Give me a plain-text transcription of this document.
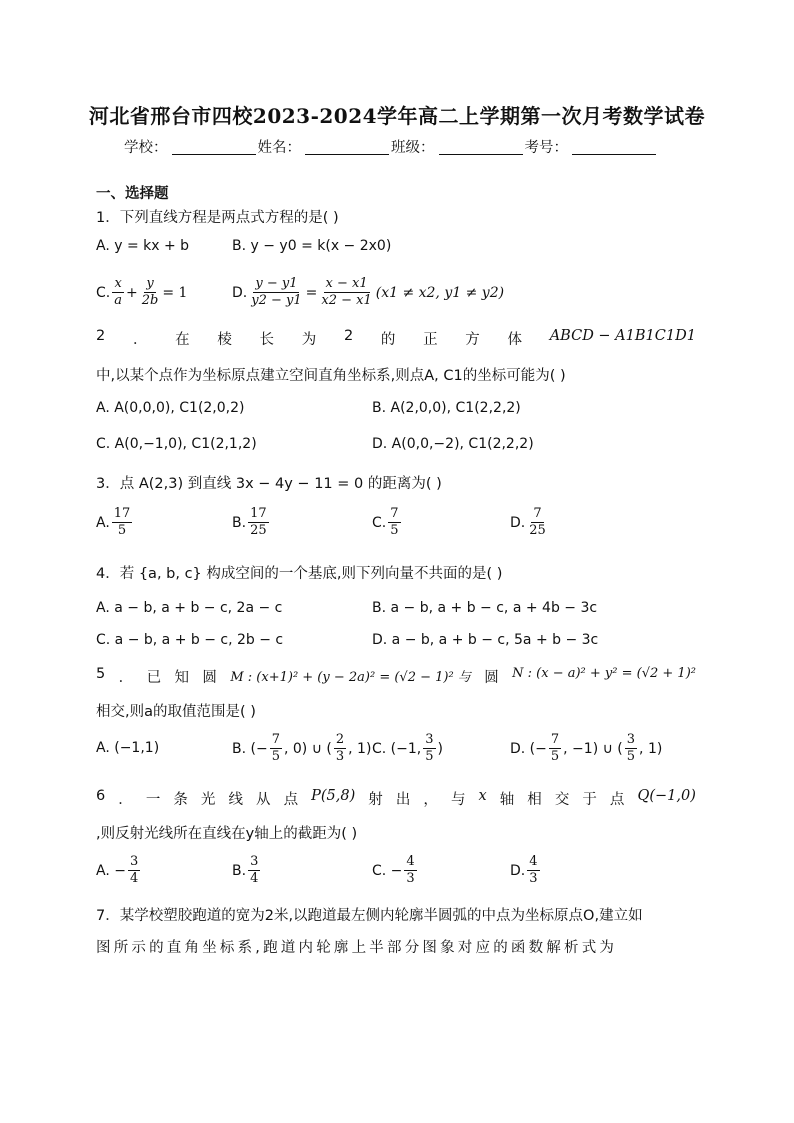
河北省邢台市四校2023-2024学年高二上学期第一次月考数学试卷
学校：	姓名：	班级：	考号：
一、选择题
1．下列直线方程是两点式方程的是( )
A. y = kx + b	B. y − y0 = k(x − 2x0)
C. $\frac{x}{a} + \frac{y}{2b} = 1$	D. $\frac{y - y1}{y2 - y1} = \frac{x - x1}{x2 - x1} (x1 \ne x2$, y1 ≠ y2)
2 ． 在 棱 长 为 2 的 正 方 体 ABCD − A1B1C1D1
中,以某个点作为坐标原点建立空间直角坐标系,则点A, C1的坐标可能为( )
A. A(0,0,0), C1(2,0,2)	B. A(2,0,0), C1(2,2,2)
C. A(0,−1,0), C1(2,1,2)	D. A(0,0,−2), C1(2,2,2)
3．点 A(2,3) 到直线 3x − 4y − 11 = 0 的距离为( )
A. $\frac{17}{5}$	B. $\frac{17}{25}$	C. $\frac{7}{5}$	D. $\frac{7}{25}$
4．若 {a, b, c} 构成空间的一个基底,则下列向量不共面的是( )
A. a − b, a + b − c, 2a − c	B. a − b, a + b − c, a + 4b − 3c
C. a − b, a + b − c, 2b − c	D. a − b, a + b − c, 5a + b − 3c
5 ． 已 知 圆 M : (x+1)² + (y − 2a)² = (√2 − 1)² 与 圆 N : (x − a)² + y² = (√2 + 1)²
相交,则a的取值范围是( )
A. (−1,1)	B. (− $\frac{7}{5}$ , 0) ∪ ( $\frac{2}{3}$ , 1) C. (−1, $\frac{3}{5}$ )	D. (− $\frac{7}{5}$ , −1) ∪ ( $\frac{3}{5}$ , 1)
6 ． 一 条 光 线 从 点 P(5,8) 射 出 ， 与 x 轴 相 交 于 点 Q(−1,0)
,则反射光线所在直线在y轴上的截距为( )
A. − $\frac{3}{4}$	B. $\frac{3}{4}$	C. − $\frac{4}{3}$	D. $\frac{4}{3}$
7．某学校塑胶跑道的宽为2米,以跑道最左侧内轮廓半圆弧的中点为坐标原点O,建立如
图所示的直角坐标系,跑道内轮廓上半部分图象对应的函数解析式为
